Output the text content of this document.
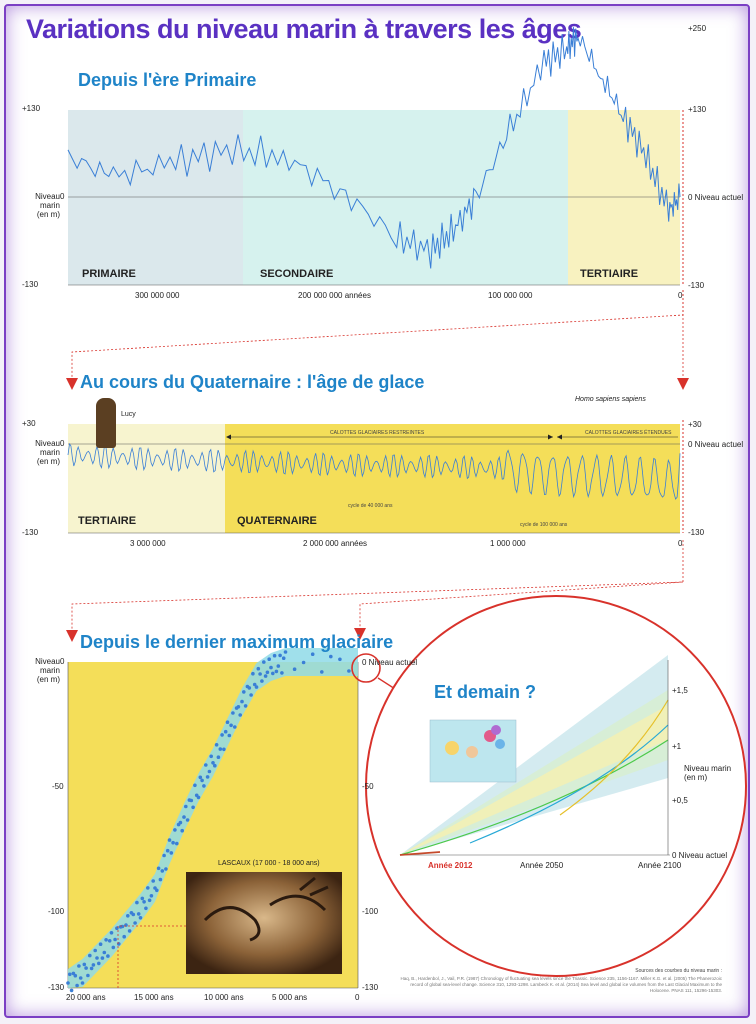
Variations du niveau marin à travers les âges
Depuis l'ère Primaire
+130
Niveau marin
(en m)
0
-130
+250
+130
0 Niveau actuel
-130
PRIMAIRE	SECONDAIRE	TERTIAIRE
300 000 000	200 000 000 années	100 000 000	0
Au cours du Quaternaire : l'âge de glace
+30
Niveau marin
(en m)
0
-130
+30
0 Niveau actuel
-130
TERTIAIRE	QUATERNAIRE
3 000 000	2 000 000 années	1 000 000	0
Lucy
Homo sapiens sapiens
CALOTTES GLACIAIRES RESTREINTES	CALOTTES GLACIAIRES ÉTENDUES
cycle de 40 000 ans
cycle de 100 000 ans
Depuis le dernier maximum glaciaire
Niveau marin
(en m)
0
-50
-100
-130
0 Niveau actuel
-50
-100
-130
20 000 ans	15 000 ans	10 000 ans	5 000 ans	0
LASCAUX (17 000 - 18 000 ans)
Et demain ?	+1,5
+1
+0,5
0 Niveau actuel
Niveau marin
(en m)
Année 2012	Année 2050	Année 2100
Sources des courbes du niveau marin :
Haq, B., Hardenbol, J., Vail, P.R. (1987) Chronology of fluctuating sea levels since the Triassic. Science 235, 1156-1167. Miller K.G. et al. (2005) The Phanerozoic record of global sea-level change. Science 310, 1293-1298. Lambeck K. et al. (2014) Sea level and global ice volumes from the Last Glacial Maximum to the Holocene. PNAS 111, 15296-15303.
